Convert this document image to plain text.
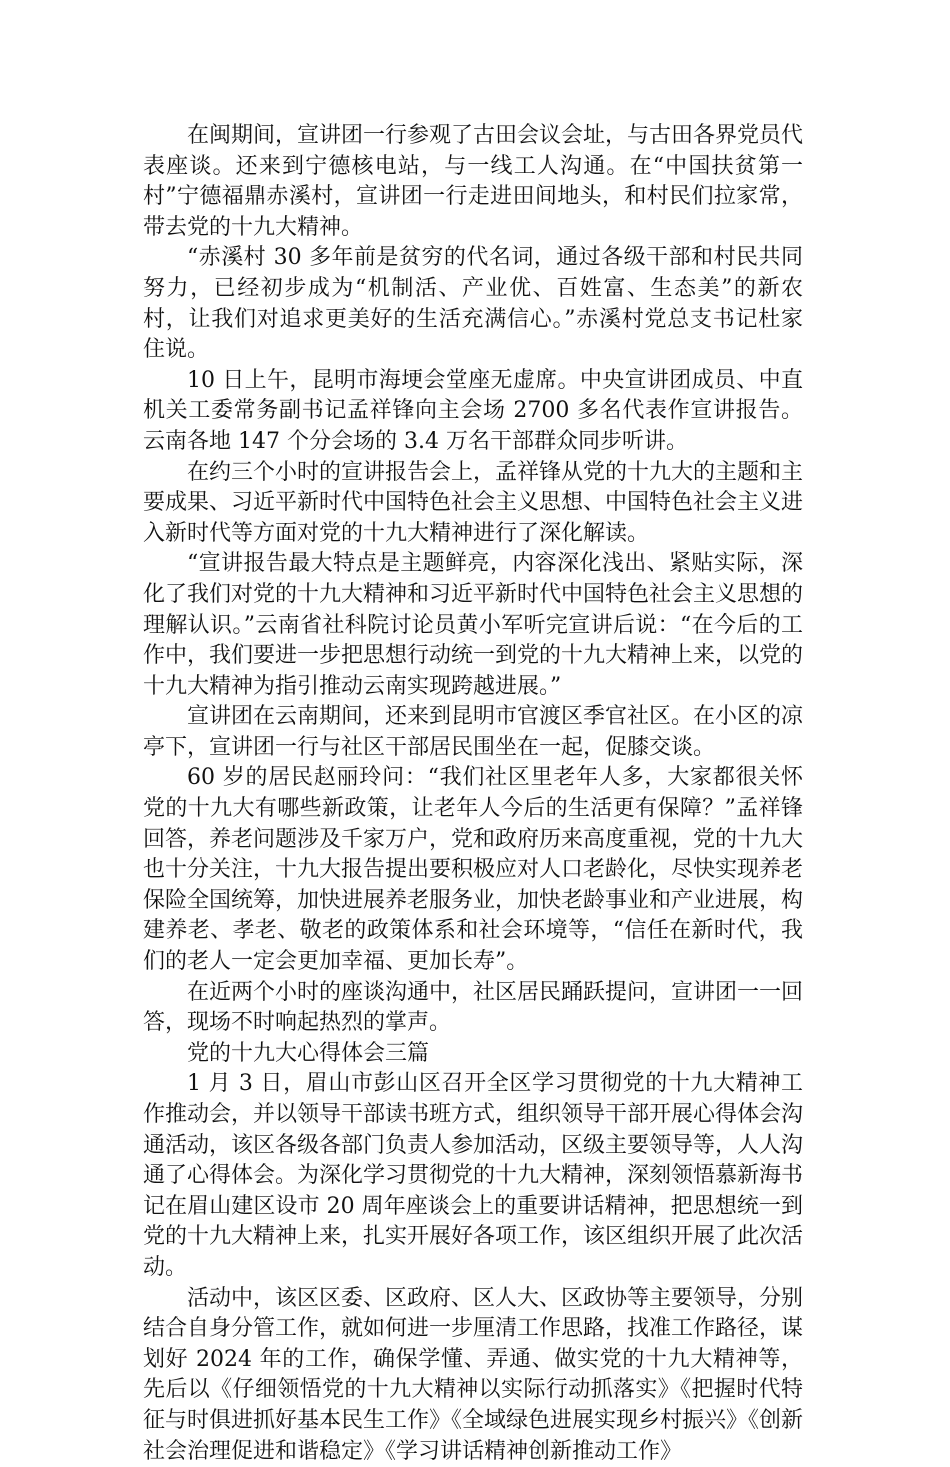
在闽期间，宣讲团一行参观了古田会议会址，与古田各界党员代表座谈。还来到宁德核电站，与一线工人沟通。在“中国扶贫第一村”宁德福鼎赤溪村，宣讲团一行走进田间地头，和村民们拉家常，带去党的十九大精神。

“赤溪村 30 多年前是贫穷的代名词，通过各级干部和村民共同努力，已经初步成为“机制活、产业优、百姓富、生态美”的新农村，让我们对追求更美好的生活充满信心。”赤溪村党总支书记杜家住说。

10 日上午，昆明市海埂会堂座无虚席。中央宣讲团成员、中直机关工委常务副书记孟祥锋向主会场 2700 多名代表作宣讲报告。云南各地 147 个分会场的 3.4 万名干部群众同步听讲。

在约三个小时的宣讲报告会上，孟祥锋从党的十九大的主题和主要成果、习近平新时代中国特色社会主义思想、中国特色社会主义进入新时代等方面对党的十九大精神进行了深化解读。

“宣讲报告最大特点是主题鲜亮，内容深化浅出、紧贴实际，深化了我们对党的十九大精神和习近平新时代中国特色社会主义思想的理解认识。”云南省社科院讨论员黄小军听完宣讲后说：“在今后的工作中，我们要进一步把思想行动统一到党的十九大精神上来，以党的十九大精神为指引推动云南实现跨越进展。”

宣讲团在云南期间，还来到昆明市官渡区季官社区。在小区的凉亭下，宣讲团一行与社区干部居民围坐在一起，促膝交谈。

60 岁的居民赵丽玲问：“我们社区里老年人多，大家都很关怀党的十九大有哪些新政策，让老年人今后的生活更有保障？”孟祥锋回答，养老问题涉及千家万户，党和政府历来高度重视，党的十九大也十分关注，十九大报告提出要积极应对人口老龄化，尽快实现养老保险全国统筹，加快进展养老服务业，加快老龄事业和产业进展，构建养老、孝老、敬老的政策体系和社会环境等，“信任在新时代，我们的老人一定会更加幸福、更加长寿”。

在近两个小时的座谈沟通中，社区居民踊跃提问，宣讲团一一回答，现场不时响起热烈的掌声。

党的十九大心得体会三篇

1 月 3 日，眉山市彭山区召开全区学习贯彻党的十九大精神工作推动会，并以领导干部读书班方式，组织领导干部开展心得体会沟通活动，该区各级各部门负责人参加活动，区级主要领导等，人人沟通了心得体会。为深化学习贯彻党的十九大精神，深刻领悟慕新海书记在眉山建区设市 20 周年座谈会上的重要讲话精神，把思想统一到党的十九大精神上来，扎实开展好各项工作，该区组织开展了此次活动。

活动中，该区区委、区政府、区人大、区政协等主要领导，分别结合自身分管工作，就如何进一步厘清工作思路，找准工作路径，谋划好 2024 年的工作，确保学懂、弄通、做实党的十九大精神等，先后以《仔细领悟党的十九大精神以实际行动抓落实》《把握时代特征与时俱进抓好基本民生工作》《全域绿色进展实现乡村振兴》《创新社会治理促进和谐稳定》《学习讲话精神创新推动工作》
